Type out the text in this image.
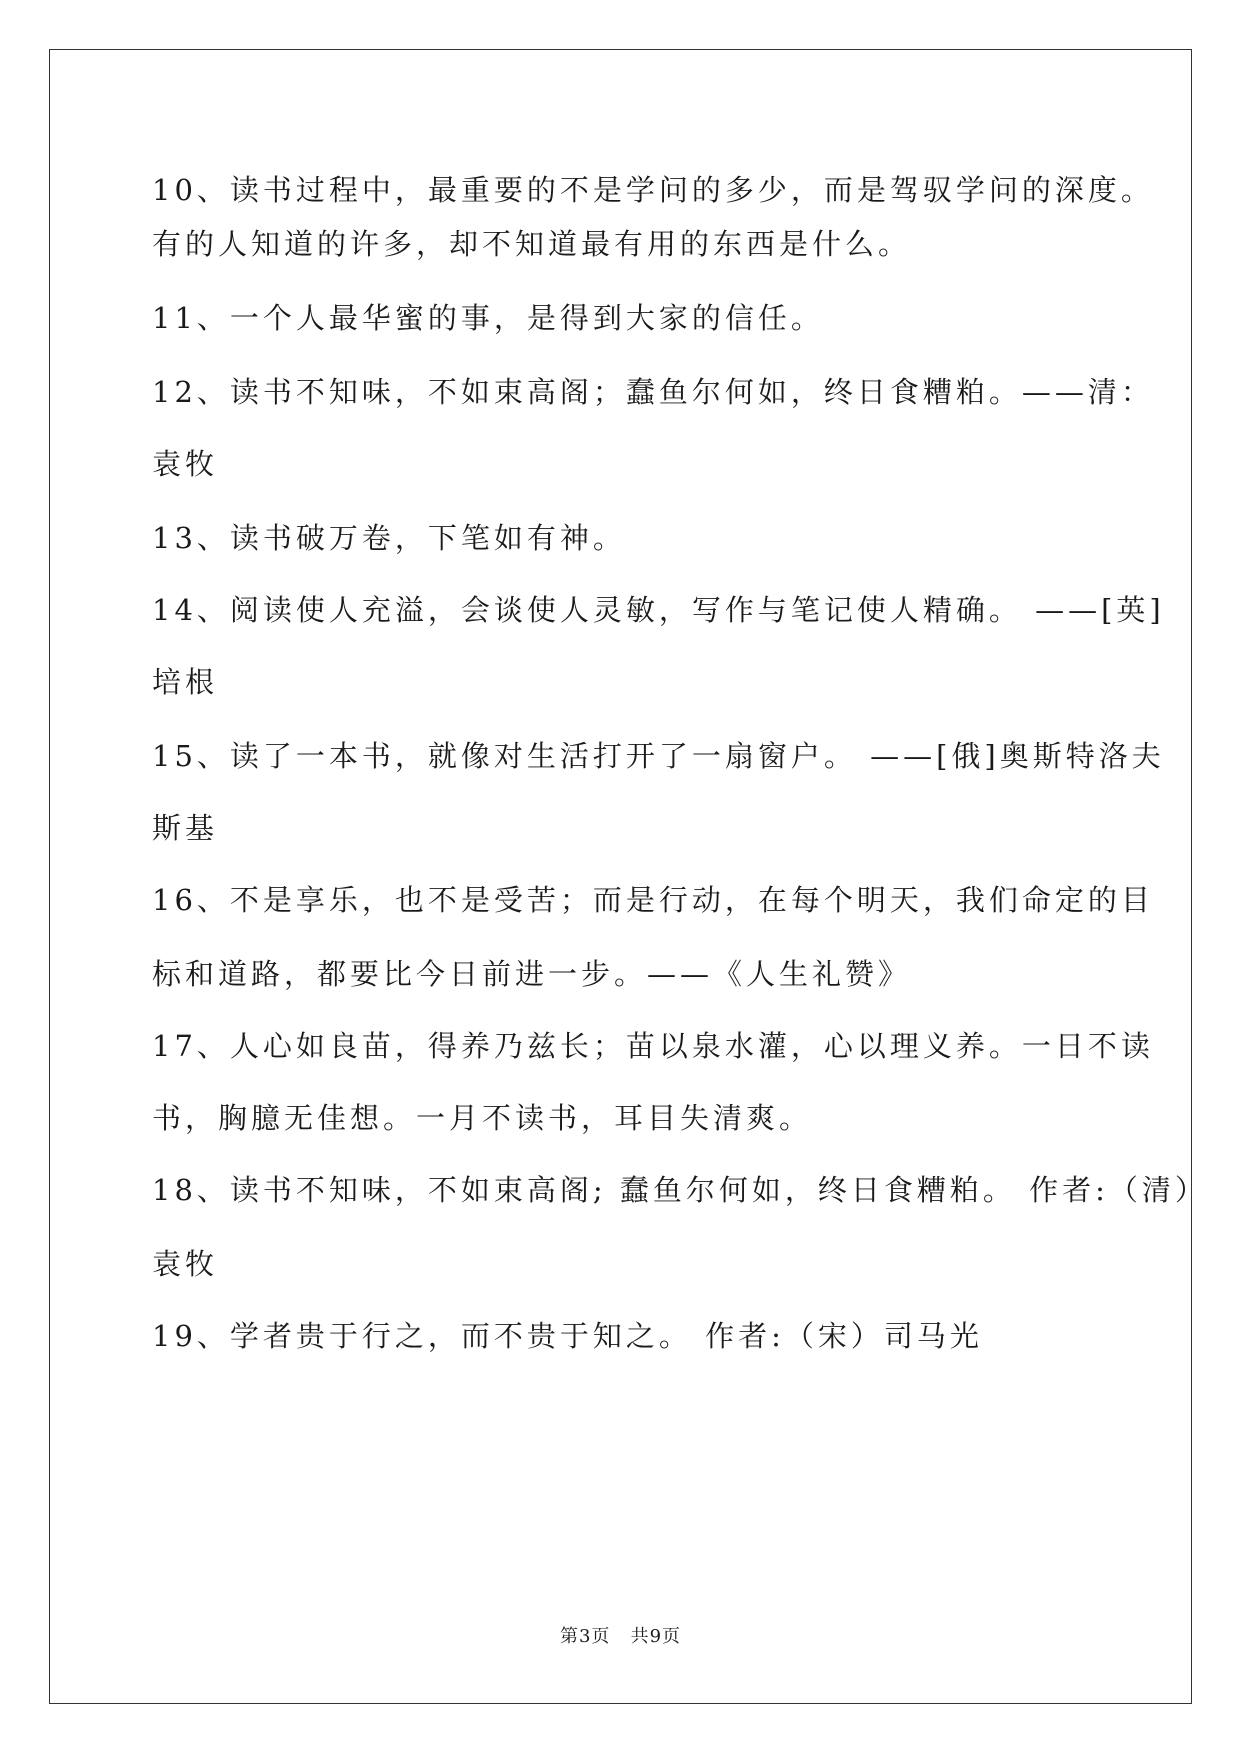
10、读书过程中，最重要的不是学问的多少，而是驾驭学问的深度。
有的人知道的许多，却不知道最有用的东西是什么。
11、一个人最华蜜的事，是得到大家的信任。
12、读书不知味，不如束高阁；蠢鱼尔何如，终日食糟粕。——清：
袁牧
13、读书破万卷，下笔如有神。
14、阅读使人充溢，会谈使人灵敏，写作与笔记使人精确。 ——[英]
培根
15、读了一本书，就像对生活打开了一扇窗户。 ——[俄]奥斯特洛夫
斯基
16、不是享乐，也不是受苦；而是行动，在每个明天，我们命定的目
标和道路，都要比今日前进一步。——《人生礼赞》
17、人心如良苗，得养乃兹长；苗以泉水灌，心以理义养。一日不读
书，胸臆无佳想。一月不读书，耳目失清爽。
18、读书不知味，不如束高阁; 蠢鱼尔何如，终日食糟粕。 作者:（清）
袁牧
19、学者贵于行之，而不贵于知之。 作者:（宋）司马光
第3页   共9页
